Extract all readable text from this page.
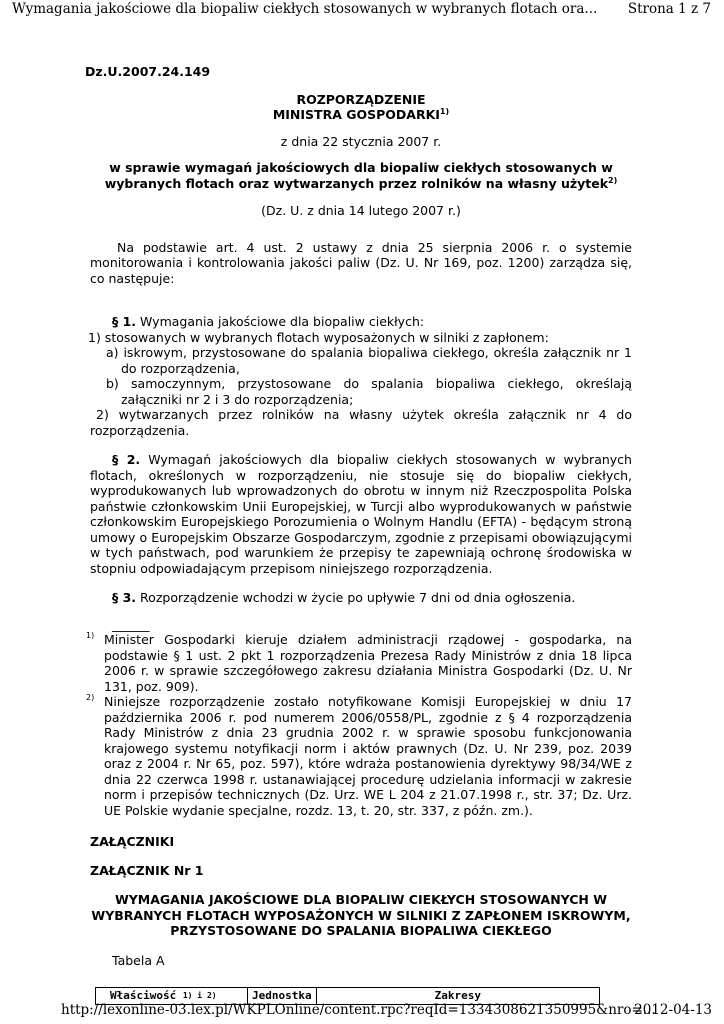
Wymagania jakościowe dla biopaliw ciekłych stosowanych w wybranych flotach ora... Strona 1 z 7

Dz.U.2007.24.149

ROZPORZĄDZENIE

MINISTRA GOSPODARKI$^{1)}$

z dnia 22 stycznia 2007 r.

w sprawie wymagań jakościowych dla biopaliw ciekłych stosowanych w

wybranych flotach oraz wytwarzanych przez rolników na własny użytek$^{2)}$

(Dz. U. z dnia 14 lutego 2007 r.)

Na podstawie art. 4 ust. 2 ustawy z dnia 25 sierpnia 2006 r. o systemie monitorowania i kontrolowania jakości paliw (Dz. U. Nr 169, poz. 1200) zarządza się, co następuje:

§ 1. Wymagania jakościowe dla biopaliw ciekłych:

1) stosowanych w wybranych flotach wyposażonych w silniki z zapłonem:

a) iskrowym, przystosowane do spalania biopaliwa ciekłego, określa załącznik nr 1 do rozporządzenia,

b) samoczynnym, przystosowane do spalania biopaliwa ciekłego, określają załączniki nr 2 i 3 do rozporządzenia;

2) wytwarzanych przez rolników na własny użytek określa załącznik nr 4 do rozporządzenia.

§ 2. Wymagań jakościowych dla biopaliw ciekłych stosowanych w wybranych flotach, określonych w rozporządzeniu, nie stosuje się do biopaliw ciekłych, wyprodukowanych lub wprowadzonych do obrotu w innym niż Rzeczpospolita Polska państwie członkowskim Unii Europejskiej, w Turcji albo wyprodukowanych w państwie członkowskim Europejskiego Porozumienia o Wolnym Handlu (EFTA) - będącym stroną umowy o Europejskim Obszarze Gospodarczym, zgodnie z przepisami obowiązującymi w tych państwach, pod warunkiem że przepisy te zapewniają ochronę środowiska w stopniu odpowiadającym przepisom niniejszego rozporządzenia.

§ 3. Rozporządzenie wchodzi w życie po upływie 7 dni od dnia ogłoszenia.

______

1) Minister Gospodarki kieruje działem administracji rządowej - gospodarka, na podstawie § 1 ust. 2 pkt 1 rozporządzenia Prezesa Rady Ministrów z dnia 18 lipca 2006 r. w sprawie szczegółowego zakresu działania Ministra Gospodarki (Dz. U. Nr 131, poz. 909).
2) Niniejsze rozporządzenie zostało notyfikowane Komisji Europejskiej w dniu 17 października 2006 r. pod numerem 2006/0558/PL, zgodnie z § 4 rozporządzenia Rady Ministrów z dnia 23 grudnia 2002 r. w sprawie sposobu funkcjonowania krajowego systemu notyfikacji norm i aktów prawnych (Dz. U. Nr 239, poz. 2039 oraz z 2004 r. Nr 65, poz. 597), które wdraża postanowienia dyrektywy 98/34/WE z dnia 22 czerwca 1998 r. ustanawiającej procedurę udzielania informacji w zakresie norm i przepisów technicznych (Dz. Urz. WE L 204 z 21.07.1998 r., str. 37; Dz. Urz. UE Polskie wydanie specjalne, rozdz. 13, t. 20, str. 337, z późn. zm.).

ZAŁĄCZNIKI

ZAŁĄCZNIK Nr 1

WYMAGANIA JAKOŚCIOWE DLA BIOPALIW CIEKŁYCH STOSOWANYCH W WYBRANYCH FLOTACH WYPOSAŻONYCH W SILNIKI Z ZAPŁONEM ISKROWYM, PRZYSTOSOWANE DO SPALANIA BIOPALIWA CIEKŁEGO

Tabela A

Właściwość $^{1) i 2)}$	Jednostka	Zakresy
http://lexonline-03.lex.pl/WKPLOnline/content.rpc?reqId=1334308621350995&nro=...
2012-04-13
